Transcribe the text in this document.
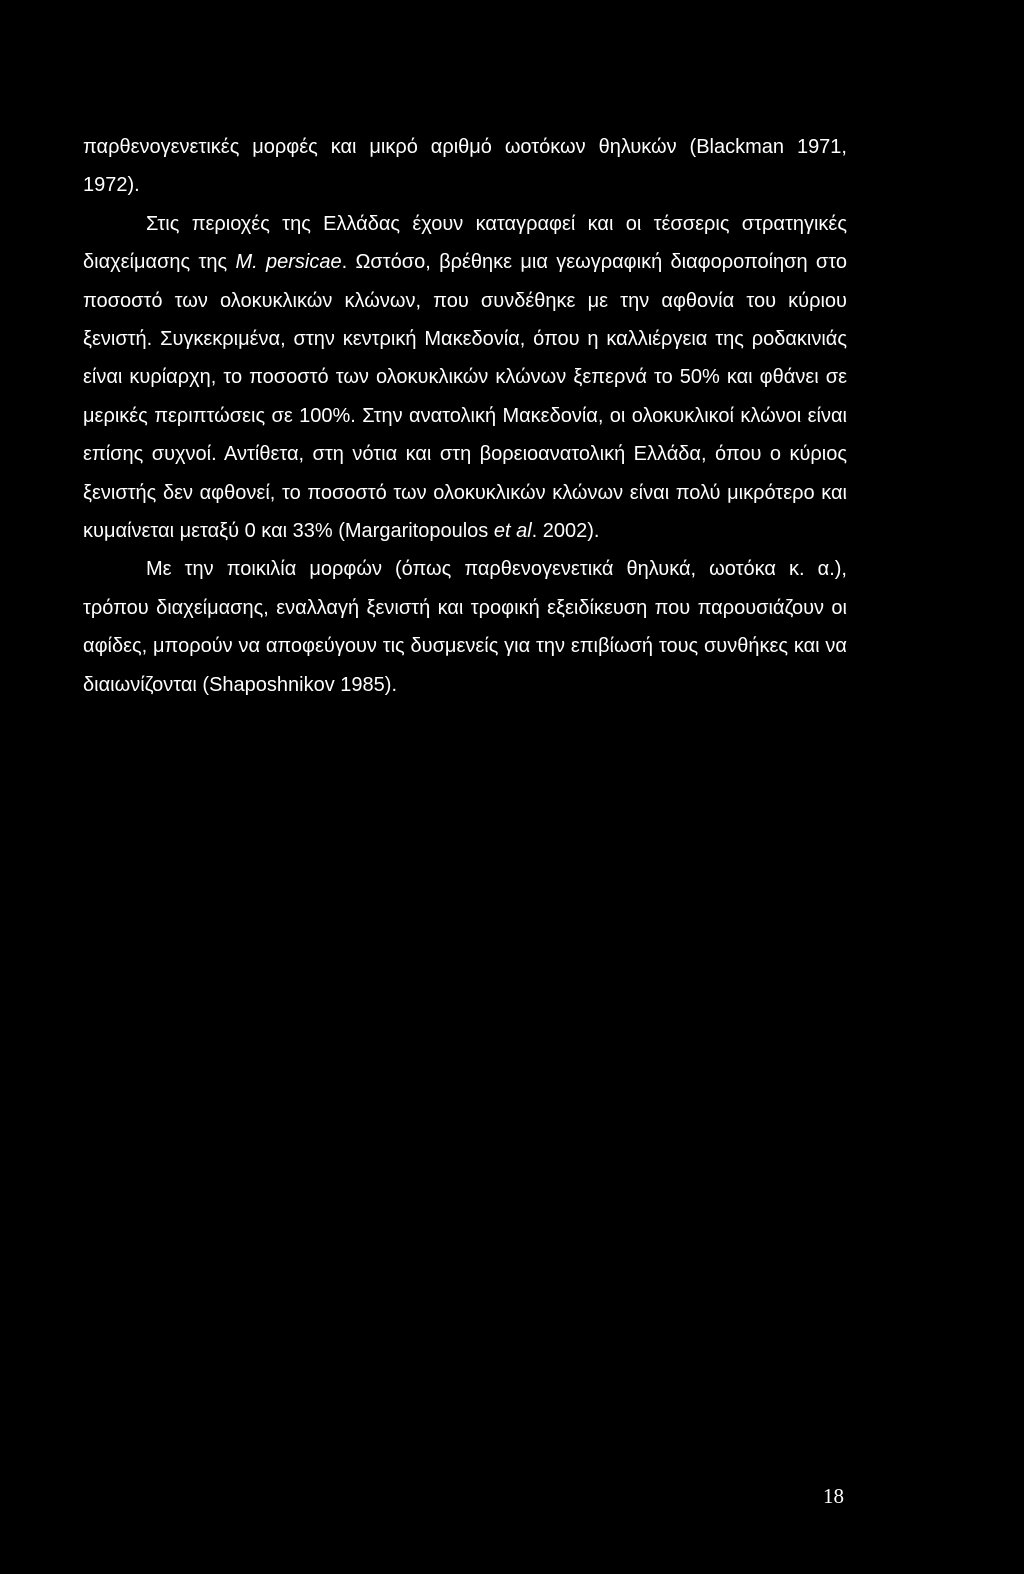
παρθενογενετικές μορφές και μικρό αριθμό ωοτόκων θηλυκών (Blackman 1971, 1972).

Στις περιοχές της Ελλάδας έχουν καταγραφεί και οι τέσσερις στρατηγικές διαχείμασης της M. persicae. Ωστόσο, βρέθηκε μια γεωγραφική διαφοροποίηση στο ποσοστό των ολοκυκλικών κλώνων, που συνδέθηκε με την αφθονία του κύριου ξενιστή. Συγκεκριμένα, στην κεντρική Μακεδονία, όπου η καλλιέργεια της ροδακινιάς είναι κυρίαρχη, το ποσοστό των ολοκυκλικών κλώνων ξεπερνά το 50% και φθάνει σε μερικές περιπτώσεις σε 100%. Στην ανατολική Μακεδονία, οι ολοκυκλικοί κλώνοι είναι επίσης συχνοί. Αντίθετα, στη νότια και στη βορειοανατολική Ελλάδα, όπου ο κύριος ξενιστής δεν αφθονεί, το ποσοστό των ολοκυκλικών κλώνων είναι πολύ μικρότερο και κυμαίνεται μεταξύ 0 και 33% (Margaritopoulos et al. 2002).

Με την ποικιλία μορφών (όπως παρθενογενετικά θηλυκά, ωοτόκα κ. α.), τρόπου διαχείμασης, εναλλαγή ξενιστή και τροφική εξειδίκευση που παρουσιάζουν οι αφίδες, μπορούν να αποφεύγουν τις δυσμενείς για την επιβίωσή τους συνθήκες και να διαιωνίζονται (Shaposhnikov 1985).

18
